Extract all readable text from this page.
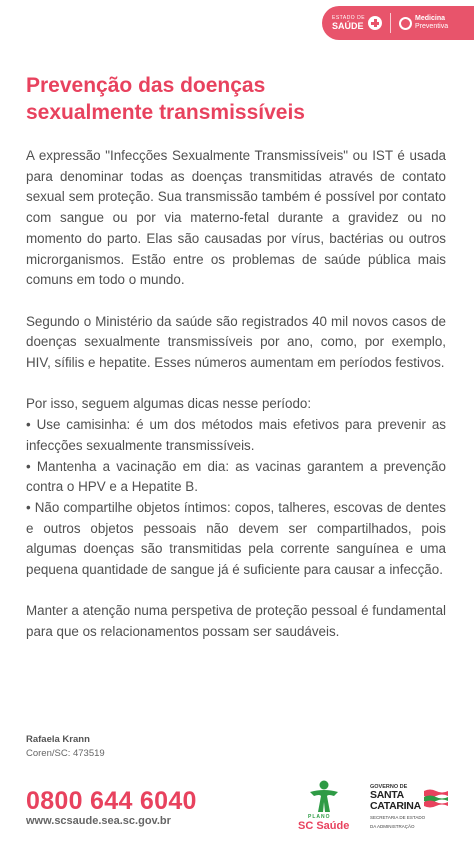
ESTADO DE
SAÚDE
Medicina
Preventiva
Prevenção das doenças
sexualmente transmissíveis

A expressão "Infecções Sexualmente Transmissíveis" ou IST é usada para denominar todas as doenças transmitidas através de contato sexual sem proteção. Sua transmissão também é possível por contato com sangue ou por via materno-fetal durante a gravidez ou no momento do parto. Elas são causadas por vírus, bactérias ou outros microrganismos. Estão entre os problemas de saúde pública mais comuns em todo o mundo.

Segundo o Ministério da saúde são registrados 40 mil novos casos de doenças sexualmente transmissíveis por ano, como, por exemplo, HIV, sífilis e hepatite. Esses números aumentam em períodos festivos.

Por isso, seguem algumas dicas nesse período:

• Use camisinha: é um dos métodos mais efetivos para prevenir as infecções sexualmente transmissíveis.

• Mantenha a vacinação em dia: as vacinas garantem a prevenção contra o HPV e a Hepatite B.

• Não compartilhe objetos íntimos: copos, talheres, escovas de dentes e outros objetos pessoais não devem ser compartilhados, pois algumas doenças são transmitidas pela corrente sanguínea e uma pequena quantidade de sangue já é suficiente para causar a infecção.

Manter a atenção numa perspetiva de proteção pessoal é fundamental para que os relacionamentos possam ser saudáveis.

Rafaela Krann
Coren/SC: 473519
0800 644 6040
www.scsaude.sea.sc.gov.br	PLANO
SC Saúde
GOVERNO DE
SANTA
CATARINA
SECRETARIA DE ESTADO
DA ADMINISTRAÇÃO
